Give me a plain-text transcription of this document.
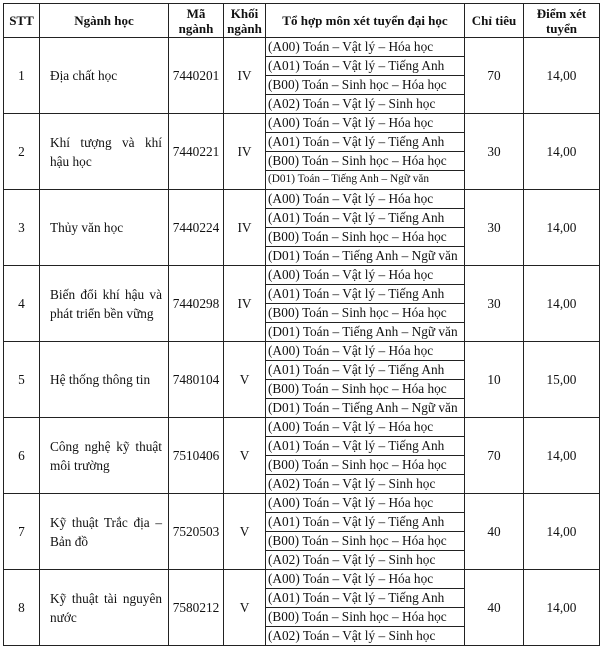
STT	Ngành học	Mã ngành	Khối ngành	Tổ hợp môn xét tuyển đại học	Chỉ tiêu	Điểm xét tuyển
1	Địa chất học	7440201	IV	(A00) Toán – Vật lý – Hóa học	70	14,00
				(A01) Toán – Vật lý – Tiếng Anh		
				(B00) Toán – Sinh học – Hóa học		
				(A02) Toán – Vật lý – Sinh học		
2	Khí tượng và khí hậu học	7440221	IV	(A00) Toán – Vật lý – Hóa học	30	14,00
				(A01) Toán – Vật lý – Tiếng Anh		
				(B00) Toán – Sinh học – Hóa học		
				(D01) Toán – Tiếng Anh – Ngữ văn		
3	Thủy văn học	7440224	IV	(A00) Toán – Vật lý – Hóa học	30	14,00
				(A01) Toán – Vật lý – Tiếng Anh		
				(B00) Toán – Sinh học – Hóa học		
				(D01) Toán – Tiếng Anh – Ngữ văn		
4	Biến đổi khí hậu và phát triển bền vững	7440298	IV	(A00) Toán – Vật lý – Hóa học	30	14,00
				(A01) Toán – Vật lý – Tiếng Anh		
				(B00) Toán – Sinh học – Hóa học		
				(D01) Toán – Tiếng Anh – Ngữ văn		
5	Hệ thống thông tin	7480104	V	(A00) Toán – Vật lý – Hóa học	10	15,00
				(A01) Toán – Vật lý – Tiếng Anh		
				(B00) Toán – Sinh học – Hóa học		
				(D01) Toán – Tiếng Anh – Ngữ văn		
6	Công nghệ kỹ thuật môi trường	7510406	V	(A00) Toán – Vật lý – Hóa học	70	14,00
				(A01) Toán – Vật lý – Tiếng Anh		
				(B00) Toán – Sinh học – Hóa học		
				(A02) Toán – Vật lý – Sinh học		
7	Kỹ thuật Trắc địa – Bản đồ	7520503	V	(A00) Toán – Vật lý – Hóa học	40	14,00
				(A01) Toán – Vật lý – Tiếng Anh		
				(B00) Toán – Sinh học – Hóa học		
				(A02) Toán – Vật lý – Sinh học		
8	Kỹ thuật tài nguyên nước	7580212	V	(A00) Toán – Vật lý – Hóa học	40	14,00
				(A01) Toán – Vật lý – Tiếng Anh		
				(B00) Toán – Sinh học – Hóa học		
				(A02) Toán – Vật lý – Sinh học		
